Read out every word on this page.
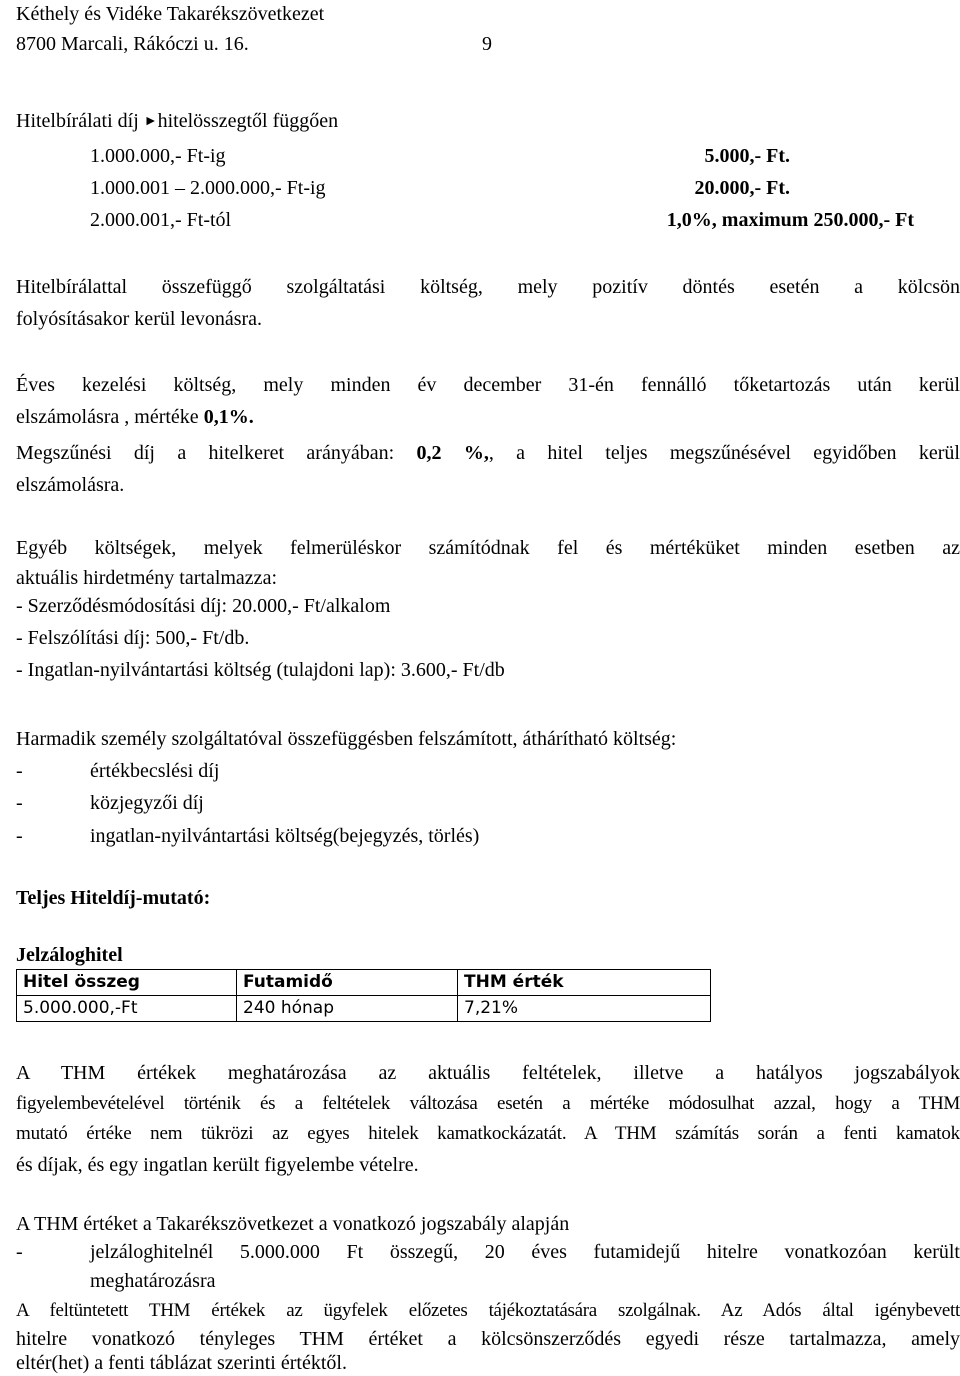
Kéthely és Vidéke Takarékszövetkezet
8700 Marcali, Rákóczi u. 16.	9
Hitelbírálati díj ►hitelösszegtől függően
1.000.000,- Ft-ig	5.000,- Ft.
1.000.001 – 2.000.000,- Ft-ig	20.000,- Ft.
2.000.001,- Ft-tól	1,0%, maximum 250.000,- Ft
Hitelbírálattal összefüggő szolgáltatási költség, mely pozitív döntés esetén a kölcsön
folyósításakor kerül levonásra.
Éves kezelési költség, mely minden év december 31-én fennálló tőketartozás után kerül
elszámolásra , mértéke 0,1%.
Megszűnési díj a hitelkeret arányában: 0,2 %,, a hitel teljes megszűnésével egyidőben kerül
elszámolásra.
Egyéb költségek, melyek felmerüléskor számítódnak fel és mértéküket minden esetben az
aktuális hirdetmény tartalmazza:
- Szerződésmódosítási díj: 20.000,- Ft/alkalom
- Felszólítási díj: 500,- Ft/db.
- Ingatlan-nyilvántartási költség (tulajdoni lap): 3.600,- Ft/db
Harmadik személy szolgáltatóval összefüggésben felszámított, áthárítható költség:
-	értékbecslési díj
-	közjegyzői díj
-	ingatlan-nyilvántartási költség(bejegyzés, törlés)
Teljes Hiteldíj-mutató:
Jelzáloghitel
Hitel összeg	Futamidő	THM érték
5.000.000,-Ft	240 hónap	7,21%
A THM értékek meghatározása az aktuális feltételek, illetve a hatályos jogszabályok
figyelembevételével történik és a feltételek változása esetén a mértéke módosulhat azzal, hogy a THM
mutató értéke nem tükrözi az egyes hitelek kamatkockázatát. A THM számítás során a fenti kamatok
és díjak, és egy ingatlan került figyelembe vételre.
A THM értéket a Takarékszövetkezet a vonatkozó jogszabály alapján
-	jelzáloghitelnél 5.000.000 Ft összegű, 20 éves futamidejű hitelre vonatkozóan került
meghatározásra
A feltüntetett THM értékek az ügyfelek előzetes tájékoztatására szolgálnak. Az Adós által igénybevett
hitelre vonatkozó tényleges THM értéket a kölcsönszerződés egyedi része tartalmazza, amely
eltér(het) a fenti táblázat szerinti értéktől.
